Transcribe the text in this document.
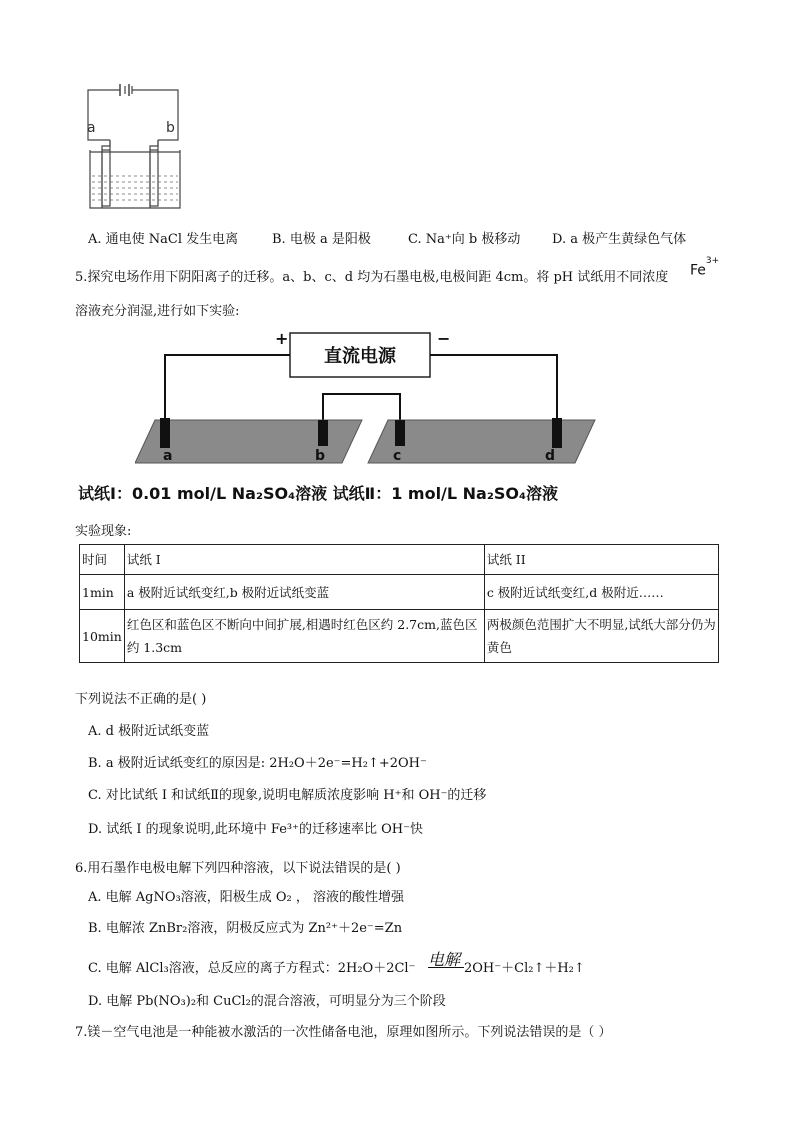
a	b
A. 通电使 NaCl 发生电离	B. 电极 a 是阳极	C. Na⁺向 b 极移动 D. a 极产生黄绿色气体
5.探究电场作用下阴阳离子的迁移。a、b、c、d 均为石墨电极,电极间距 4cm。将 pH 试纸用不同浓度 $Fe^{3+}$
溶液充分润湿,进行如下实验:
直流电源
+	−
a	b	c	d
试纸Ⅰ：0.01 mol/L Na₂SO₄溶液 试纸Ⅱ：1 mol/L Na₂SO₄溶液
实验现象:
时间	试纸 I	试纸 II
1min	a 极附近试纸变红,b 极附近试纸变蓝	c 极附近试纸变红,d 极附近……
10min	红色区和蓝色区不断向中间扩展,相遇时红色区约 2.7cm,蓝色区约 1.3cm	两极颜色范围扩大不明显,试纸大部分仍为黄色
下列说法不正确的是( )
A. d 极附近试纸变蓝
B. a 极附近试纸变红的原因是: 2H₂O＋2e⁻=H₂↑+2OH⁻
C. 对比试纸 I 和试纸Ⅱ的现象,说明电解质浓度影响 H⁺和 OH⁻的迁移
D. 试纸 I 的现象说明,此环境中 Fe³⁺的迁移速率比 OH⁻快
6.用石墨作电极电解下列四种溶液，以下说法错误的是( )
A. 电解 AgNO₃溶液，阳极生成 O₂ ， 溶液的酸性增强
B. 电解浓 ZnBr₂溶液，阴极反应式为 Zn²⁺＋2e⁻=Zn
C. 电解 AlCl₃溶液，总反应的离子方程式：2H₂O＋2Cl⁻ 电解 2OH⁻＋Cl₂↑＋H₂↑
D. 电解 Pb(NO₃)₂和 CuCl₂的混合溶液，可明显分为三个阶段
7.镁－空气电池是一种能被水激活的一次性储备电池，原理如图所示。下列说法错误的是（ ）
